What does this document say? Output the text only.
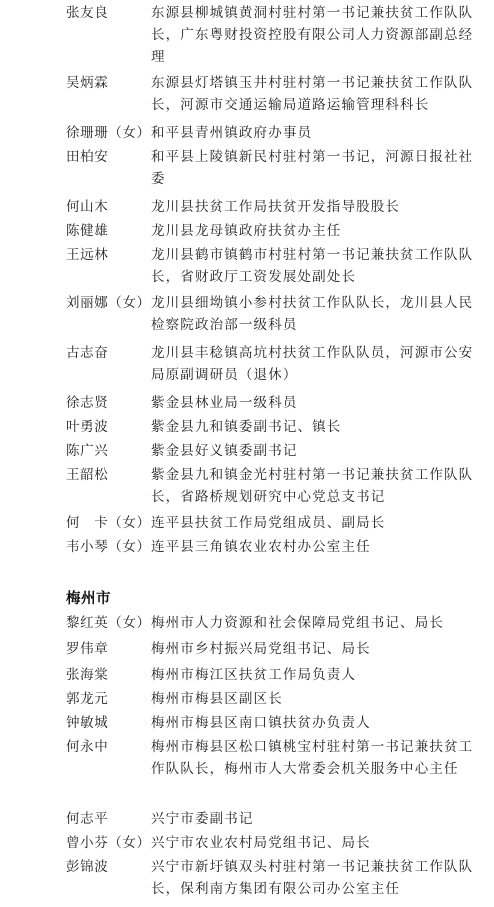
张友良	东源县柳城镇黄洞村驻村第一书记兼扶贫工作队队长，广东粤财投资控股有限公司人力资源部副总经理
吴炳霖	东源县灯塔镇玉井村驻村第一书记兼扶贫工作队队长，河源市交通运输局道路运输管理科科长
徐珊珊（女） 和平县青州镇政府办事员
田柏安	和平县上陵镇新民村驻村第一书记，河源日报社社委
何山木	龙川县扶贫工作局扶贫开发指导股股长
陈健雄	龙川县龙母镇政府扶贫办主任
王远林	龙川县鹤市镇鹤市村驻村第一书记兼扶贫工作队队长，省财政厅工资发展处副处长
刘丽娜（女） 龙川县细坳镇小参村扶贫工作队队长，龙川县人民检察院政治部一级科员
古志奋	龙川县丰稔镇高坑村扶贫工作队队员，河源市公安局原副调研员（退休）
徐志贤	紫金县林业局一级科员
叶勇波	紫金县九和镇委副书记、镇长
陈广兴	紫金县好义镇委副书记
王韶松	紫金县九和镇金光村驻村第一书记兼扶贫工作队队长，省路桥规划研究中心党总支书记
何　卡（女） 连平县扶贫工作局党组成员、副局长
韦小琴（女） 连平县三角镇农业农村办公室主任
梅州市
黎红英（女） 梅州市人力资源和社会保障局党组书记、局长
罗伟章	梅州市乡村振兴局党组书记、局长
张海棠	梅州市梅江区扶贫工作局负责人
郭龙元	梅州市梅县区副区长
钟敏城	梅州市梅县区南口镇扶贫办负责人
何永中	梅州市梅县区松口镇桃宝村驻村第一书记兼扶贫工作队队长，梅州市人大常委会机关服务中心主任
何志平	兴宁市委副书记
曾小芬（女） 兴宁市农业农村局党组书记、局长
彭锦波	兴宁市新圩镇双头村驻村第一书记兼扶贫工作队队长，保利南方集团有限公司办公室主任
